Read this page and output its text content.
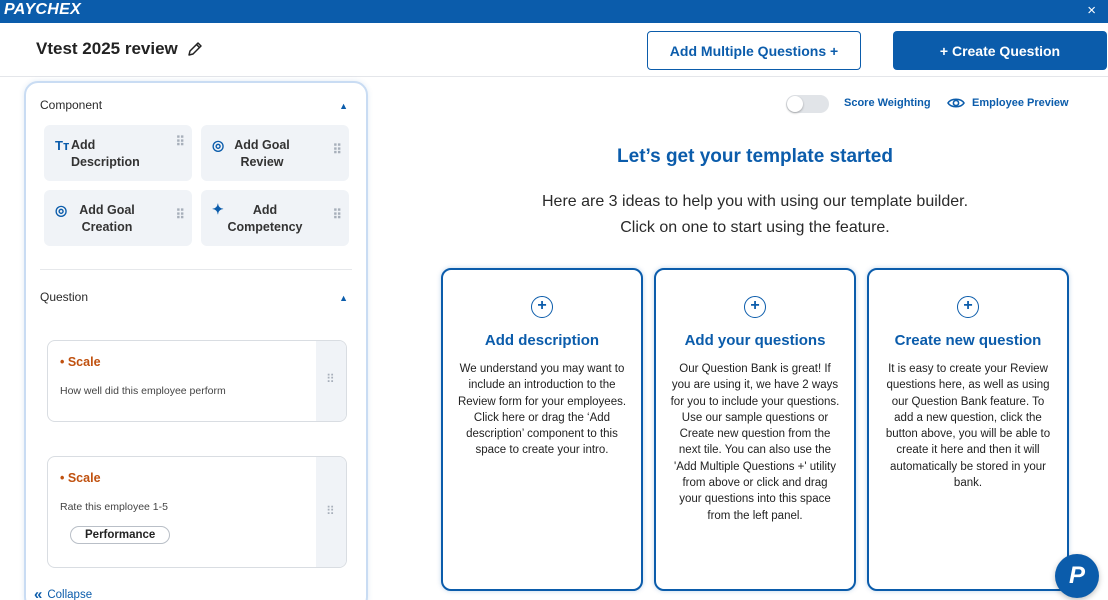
PAYCHEX	×
Vtest 2025 review	Add Multiple Questions +	+ Create Question
Component	▲
Tт Add Description
⠿ ◎ Add Goal Review
⠿
◎ Add Goal Creation
⠿ ✦	Add Competency
⠿
Question	▲
• Scale
How well did this employee perform
⠿
• Scale
Rate this employee 1-5
Performance
⠿
« Collapse
Score Weighting	Employee Preview
Let’s get your template started
Here are 3 ideas to help you with using our template builder.
Click on one to start using the feature.
+
Add description
We understand you may want to include an introduction to the Review form for your employees. Click here or drag the ‘Add description’ component to this space to create your intro.
+
Add your questions
Our Question Bank is great! If you are using it, we have 2 ways for you to include your questions. Use our sample questions or Create new question from the next tile. You can also use the 'Add Multiple Questions +' utility from above or click and drag your questions into this space from the left panel.
+
Create new question
It is easy to create your Review questions here, as well as using our Question Bank feature. To add a new question, click the button above, you will be able to create it here and then it will automatically be stored in your bank.
P
